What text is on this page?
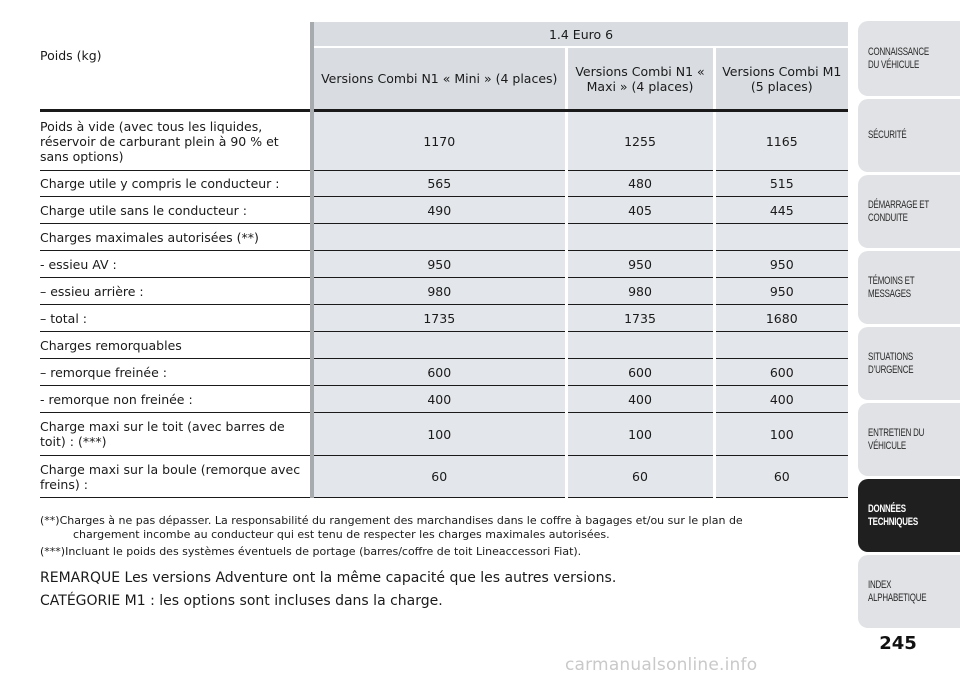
	1.4 Euro 6		
Poids (kg)	Versions Combi N1 « Mini » (4 places)	Versions Combi N1 « Maxi » (4 places)	Versions Combi M1 (5 places)
Poids à vide (avec tous les liquides, réservoir de carburant plein à 90 % et sans options)	1170	1255	1165
Charge utile y compris le conducteur :	565	480	515
Charge utile sans le conducteur :	490	405	445
Charges maximales autorisées (**)			
- essieu AV :	950	950	950
– essieu arrière :	980	980	950
– total :	1735	1735	1680
Charges remorquables			
– remorque freinée :	600	600	600
- remorque non freinée :	400	400	400
Charge maxi sur le toit (avec barres de toit) : (***)	100	100	100
Charge maxi sur la boule (remorque avec freins) :	60	60	60
(**)Charges à ne pas dépasser. La responsabilité du rangement des marchandises dans le coffre à bagages et/ou sur le plan de
chargement incombe au conducteur qui est tenu de respecter les charges maximales autorisées.
(***)Incluant le poids des systèmes éventuels de portage (barres/coffre de toit Lineaccessori Fiat).
REMARQUE Les versions Adventure ont la même capacité que les autres versions.
CATÉGORIE M1 : les options sont incluses dans la charge.
CONNAISSANCE
DU VÉHICULE
SÉCURITÉ
DÉMARRAGE ET
CONDUITE
TÉMOINS ET
MESSAGES
SITUATIONS
D’URGENCE
ENTRETIEN DU
VÉHICULE
DONNÉES
TECHNIQUES
INDEX
ALPHABETIQUE
245
carmanualsonline.info
